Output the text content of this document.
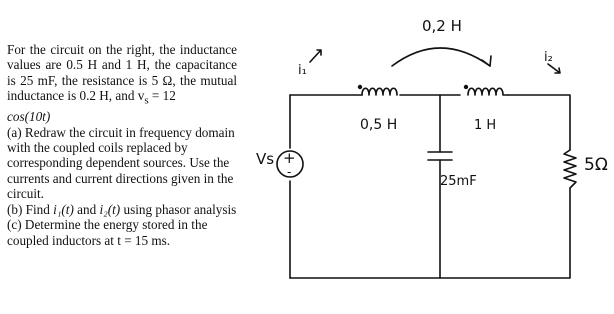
For the circuit on the right, the inductance values are 0.5 H and 1 H, the capacitance is 25 mF, the resistance is 5 Ω, the mutual inductance is 0.2 H, and $v_s = 12$
cos(10t)

(a) Redraw the circuit in frequency domain with the coupled coils replaced by corresponding dependent sources. Use the currents and current directions given in the circuit.

(b) Find i₁(t) and i₂(t) using phasor analysis

(c) Determine the energy stored in the coupled inductors at t = 15 ms.

0,2 H
0,5 H	1 H
25mF
5Ω
Vs +
-
i₁
i₂
